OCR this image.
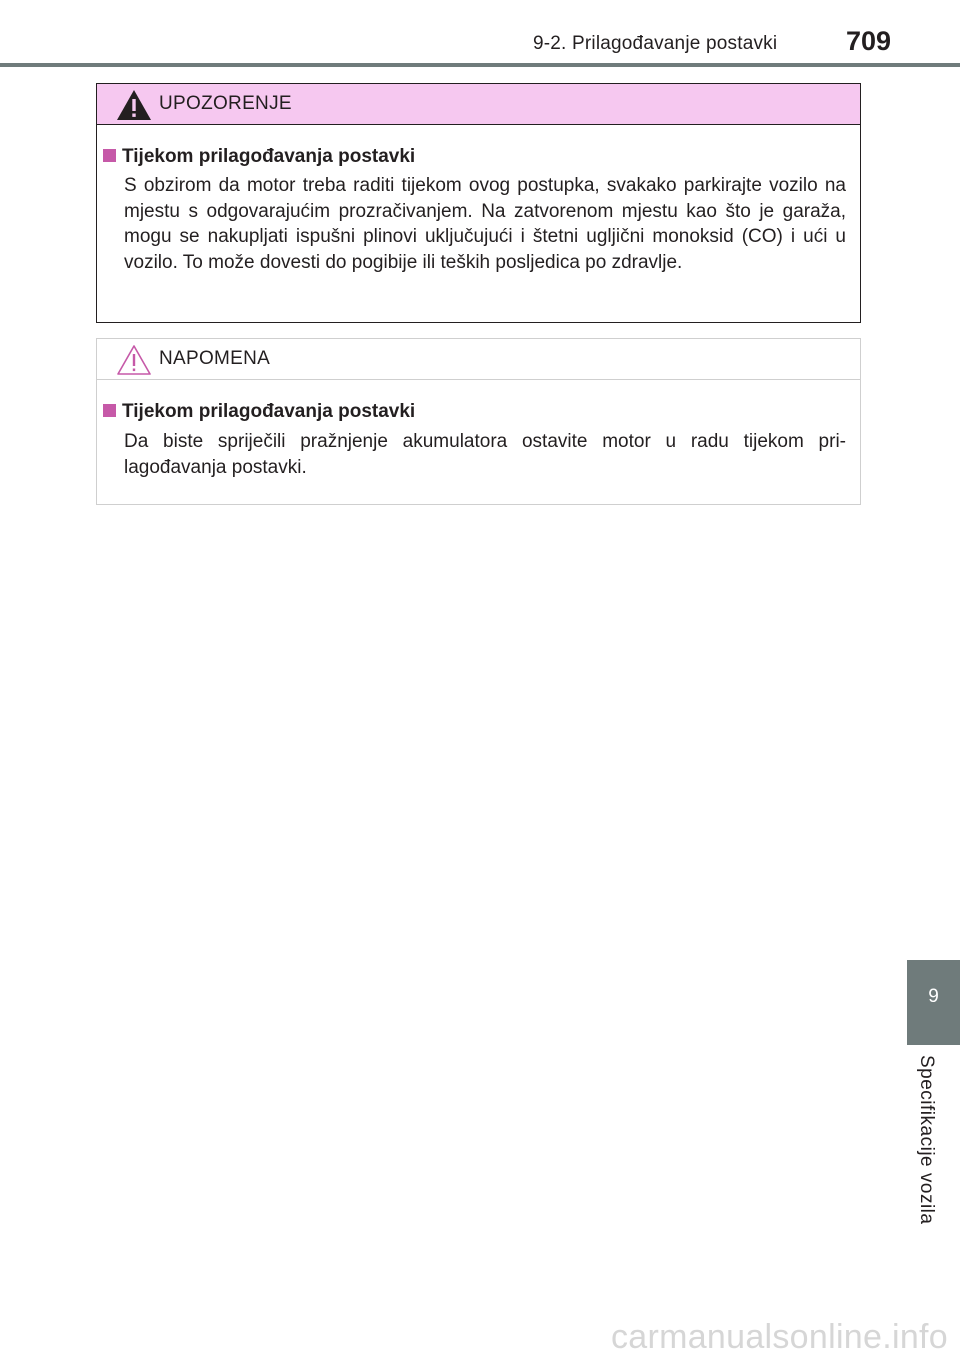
9-2. Prilagođavanje postavki	709
UPOZORENJE
Tijekom prilagođavanja postavki
S obzirom da motor treba raditi tijekom ovog postupka, svakako parkirajte vozilo na mjestu s odgovarajućim prozračivanjem. Na zatvorenom mjestu kao što je garaža, mogu se nakupljati ispušni plinovi uključujući i štetni ugljični monoksid (CO) i ući u vozilo. To može dovesti do pogibije ili teških posljedica po zdravlje.
NAPOMENA
Tijekom prilagođavanja postavki
Da biste spriječili pražnjenje akumulatora ostavite motor u radu tijekom pri-lagođavanja postavki.
9
Specifikacije vozila
carmanualsonline.info
